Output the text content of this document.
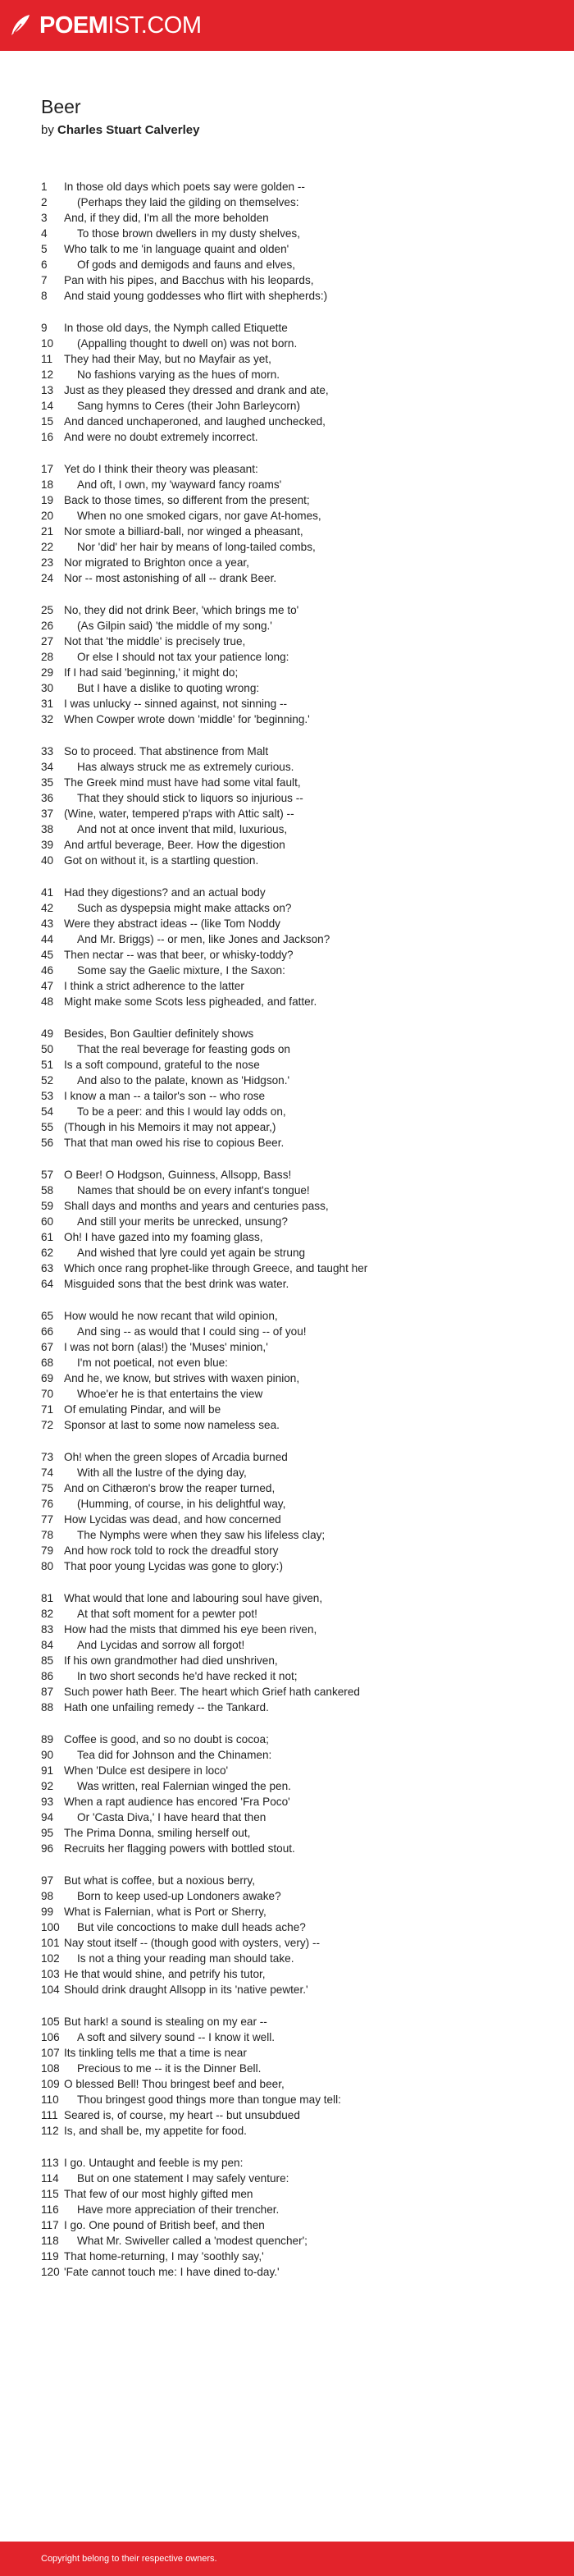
POEMIST.COM
Beer

by Charles Stuart Calverley

1	In those old days which poets say were golden --
2	(Perhaps they laid the gilding on themselves:
3	And, if they did, I'm all the more beholden
4	To those brown dwellers in my dusty shelves,
5	Who talk to me 'in language quaint and olden'
6	Of gods and demigods and fauns and elves,
7	Pan with his pipes, and Bacchus with his leopards,
8	And staid young goddesses who flirt with shepherds:)
9	In those old days, the Nymph called Etiquette
10	(Appalling thought to dwell on) was not born.
11	They had their May, but no Mayfair as yet,
12	No fashions varying as the hues of morn.
13 Just as they pleased they dressed and drank and ate,
14	Sang hymns to Ceres (their John Barleycorn)
15 And danced unchaperoned, and laughed unchecked,
16 And were no doubt extremely incorrect.
17 Yet do I think their theory was pleasant:
18	And oft, I own, my 'wayward fancy roams'
19 Back to those times, so different from the present;
20	When no one smoked cigars, nor gave At-homes,
21 Nor smote a billiard-ball, nor winged a pheasant,
22	Nor 'did' her hair by means of long-tailed combs,
23 Nor migrated to Brighton once a year,
24 Nor -- most astonishing of all -- drank Beer.
25 No, they did not drink Beer, 'which brings me to'
26	(As Gilpin said) 'the middle of my song.'
27 Not that 'the middle' is precisely true,
28	Or else I should not tax your patience long:
29 If I had said 'beginning,' it might do;
30	But I have a dislike to quoting wrong:
31 I was unlucky -- sinned against, not sinning --
32 When Cowper wrote down 'middle' for 'beginning.'
33 So to proceed. That abstinence from Malt
34	Has always struck me as extremely curious.
35 The Greek mind must have had some vital fault,
36	That they should stick to liquors so injurious --
37 (Wine, water, tempered p'raps with Attic salt) --
38	And not at once invent that mild, luxurious,
39 And artful beverage, Beer. How the digestion
40 Got on without it, is a startling question.
41 Had they digestions? and an actual body
42	Such as dyspepsia might make attacks on?
43 Were they abstract ideas -- (like Tom Noddy
44	And Mr. Briggs) -- or men, like Jones and Jackson?
45 Then nectar -- was that beer, or whisky-toddy?
46	Some say the Gaelic mixture, I the Saxon:
47 I think a strict adherence to the latter
48 Might make some Scots less pigheaded, and fatter.
49 Besides, Bon Gaultier definitely shows
50	That the real beverage for feasting gods on
51 Is a soft compound, grateful to the nose
52	And also to the palate, known as 'Hidgson.'
53 I know a man -- a tailor's son -- who rose
54	To be a peer: and this I would lay odds on,
55 (Though in his Memoirs it may not appear,)
56 That that man owed his rise to copious Beer.
57 O Beer! O Hodgson, Guinness, Allsopp, Bass!
58	Names that should be on every infant's tongue!
59 Shall days and months and years and centuries pass,
60	And still your merits be unrecked, unsung?
61 Oh! I have gazed into my foaming glass,
62	And wished that lyre could yet again be strung
63 Which once rang prophet-like through Greece, and taught her
64 Misguided sons that the best drink was water.
65 How would he now recant that wild opinion,
66	And sing -- as would that I could sing -- of you!
67 I was not born (alas!) the 'Muses' minion,'
68	I'm not poetical, not even blue:
69 And he, we know, but strives with waxen pinion,
70	Whoe'er he is that entertains the view
71 Of emulating Pindar, and will be
72 Sponsor at last to some now nameless sea.
73 Oh! when the green slopes of Arcadia burned
74	With all the lustre of the dying day,
75 And on Cithæron's brow the reaper turned,
76	(Humming, of course, in his delightful way,
77 How Lycidas was dead, and how concerned
78	The Nymphs were when they saw his lifeless clay;
79 And how rock told to rock the dreadful story
80 That poor young Lycidas was gone to glory:)
81 What would that lone and labouring soul have given,
82	At that soft moment for a pewter pot!
83 How had the mists that dimmed his eye been riven,
84	And Lycidas and sorrow all forgot!
85 If his own grandmother had died unshriven,
86	In two short seconds he'd have recked it not;
87 Such power hath Beer. The heart which Grief hath cankered
88 Hath one unfailing remedy -- the Tankard.
89 Coffee is good, and so no doubt is cocoa;
90	Tea did for Johnson and the Chinamen:
91 When 'Dulce est desipere in loco'
92	Was written, real Falernian winged the pen.
93 When a rapt audience has encored 'Fra Poco'
94	Or 'Casta Diva,' I have heard that then
95 The Prima Donna, smiling herself out,
96 Recruits her flagging powers with bottled stout.
97 But what is coffee, but a noxious berry,
98	Born to keep used-up Londoners awake?
99 What is Falernian, what is Port or Sherry,
100	But vile concoctions to make dull heads ache?
101 Nay stout itself -- (though good with oysters, very) --
102	Is not a thing your reading man should take.
103 He that would shine, and petrify his tutor,
104 Should drink draught Allsopp in its 'native pewter.'
105 But hark! a sound is stealing on my ear --
106	A soft and silvery sound -- I know it well.
107 Its tinkling tells me that a time is near
108	Precious to me -- it is the Dinner Bell.
109 O blessed Bell! Thou bringest beef and beer,
110	Thou bringest good things more than tongue may tell:
111 Seared is, of course, my heart -- but unsubdued
112 Is, and shall be, my appetite for food.
113 I go. Untaught and feeble is my pen:
114	But on one statement I may safely venture:
115 That few of our most highly gifted men
116	Have more appreciation of their trencher.
117 I go. One pound of British beef, and then
118	What Mr. Swiveller called a 'modest quencher';
119 That home-returning, I may 'soothly say,'
120 'Fate cannot touch me: I have dined to-day.'
Copyright belong to their respective owners.
